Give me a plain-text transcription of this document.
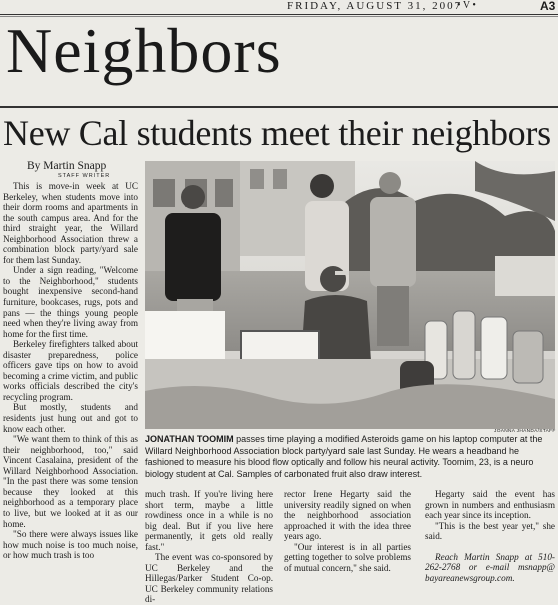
FRIDAY, AUGUST 31, 2007
• V •	A3
Neighbors
New Cal students meet their neighbors
By Martin Snapp
STAFF WRITER

This is move-in week at UC Berkeley, when students move into their dorm rooms and apartments in the south campus area. And for the third straight year, the Willard Neighborhood Association threw a combination block party/yard sale for them last Sunday.

Under a sign reading, "Welcome to the Neighborhood," students bought inexpensive second-hand furniture, bookcases, rugs, pots and pans — the things young people need when they're living away from home for the first time.

Berkeley firefighters talked about disaster preparedness, police officers gave tips on how to avoid becoming a crime victim, and public works officials described the city's recycling program.

But mostly, students and residents just hung out and got to know each other.

"We want them to think of this as their neighborhood, too," said Vincent Casalaina, president of the Willard Neighborhood Association. "In the past there was some tension because they looked at this neighborhood as a temporary place to live, but we looked at it as our home.

"So there were always issues like how much noise is too much noise, or how much trash is too

JOANNA JHANDA/STAFF
JONATHAN TOOMIM passes time playing a modified Asteroids game on his laptop computer at the Willard Neighborhood Association block party/yard sale last Sunday. He wears a headband he fashioned to measure his blood flow optically and follow his neural activity. Toomim, 23, is a neuro biology student at Cal. Samples of carbonated fruit also draw interest.

much trash. If you're living here short term, maybe a little rowdiness once in a while is no big deal. But if you live here permanently, it gets old really fast."

The event was co-sponsored by UC Berkeley and the Hillegas/Parker Student Co-op. UC Berkeley community relations di-

rector Irene Hegarty said the university readily signed on when the neighborhood association approached it with the idea three years ago.

"Our interest is in all parties getting together to solve problems of mutual concern," she said.

Hegarty said the event has grown in numbers and enthusiasm each year since its inception.

"This is the best year yet," she said.

Reach Martin Snapp at 510-262-2768 or e-mail msnapp@ bayareanewsgroup.com.
